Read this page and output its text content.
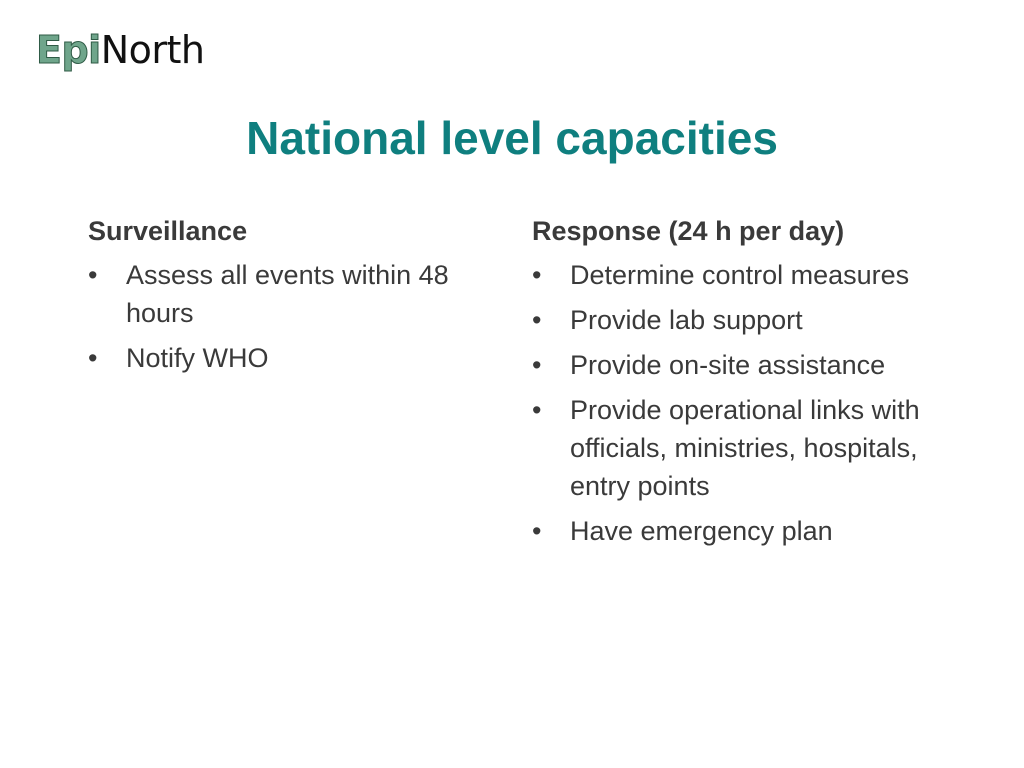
EpiNorth
National level capacities
Surveillance
•	Assess all events within 48 hours
•	Notify WHO
Response (24 h per day)
•	Determine control measures
•	Provide lab support
•	Provide on-site assistance
•	Provide operational links with officials, ministries, hospitals, entry points
•	Have emergency plan
